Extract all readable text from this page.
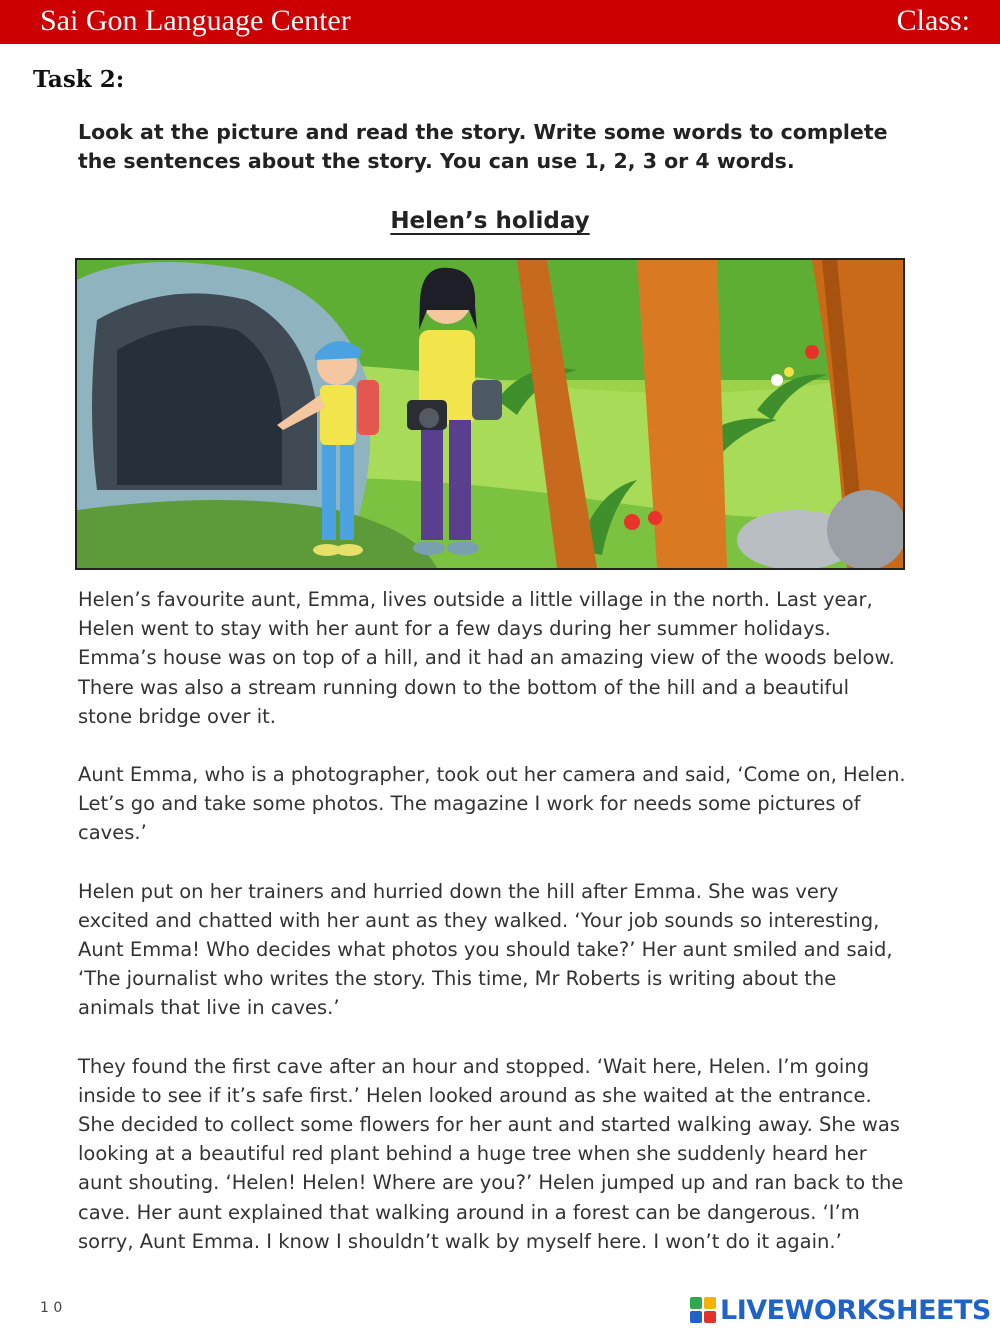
Sai Gon Language Center	Class:
Task 2:
Look at the picture and read the story. Write some words to complete the sentences about the story. You can use 1, 2, 3 or 4 words.
Helen’s holiday

Helen’s favourite aunt, Emma, lives outside a little village in the north. Last year, Helen went to stay with her aunt for a few days during her summer holidays. Emma’s house was on top of a hill, and it had an amazing view of the woods below. There was also a stream running down to the bottom of the hill and a beautiful stone bridge over it.

Aunt Emma, who is a photographer, took out her camera and said, ‘Come on, Helen. Let’s go and take some photos. The magazine I work for needs some pictures of caves.’

Helen put on her trainers and hurried down the hill after Emma. She was very excited and chatted with her aunt as they walked. ‘Your job sounds so interesting, Aunt Emma! Who decides what photos you should take?’ Her aunt smiled and said, ‘The journalist who writes the story. This time, Mr Roberts is writing about the animals that live in caves.’

They found the first cave after an hour and stopped. ‘Wait here, Helen. I’m going inside to see if it’s safe first.’ Helen looked around as she waited at the entrance. She decided to collect some flowers for her aunt and started walking away. She was looking at a beautiful red plant behind a huge tree when she suddenly heard her aunt shouting. ‘Helen! Helen! Where are you?’ Helen jumped up and ran back to the cave. Her aunt explained that walking around in a forest can be dangerous. ‘I’m sorry, Aunt Emma. I know I shouldn’t walk by myself here. I won’t do it again.’

1 0	LIVEWORKSHEETS
